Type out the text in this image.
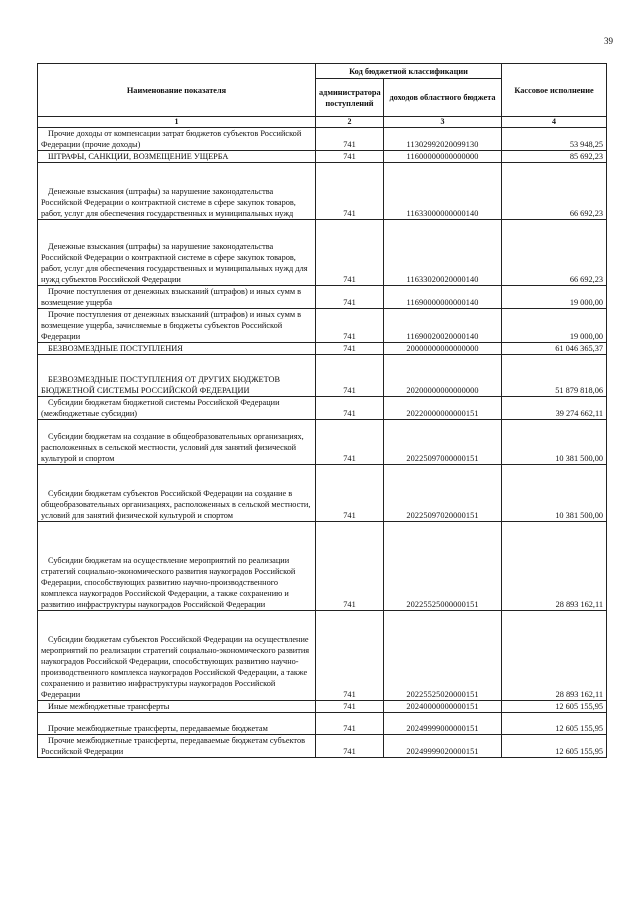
39
Наименование показателя	Код бюджетной классификации		Кассовое исполнение
	администратора поступлений	доходов областного бюджета	
1	2	3	4
Прочие доходы от компенсации затрат бюджетов субъектов Российской Федерации (прочие доходы)	741	11302992020099130	53 948,25
ШТРАФЫ, САНКЦИИ, ВОЗМЕЩЕНИЕ УЩЕРБА	741	11600000000000000	85 692,23
Денежные взыскания (штрафы) за нарушение законодательства Российской Федерации о контрактной системе в сфере закупок товаров, работ, услуг для обеспечения государственных и муниципальных нужд	741	11633000000000140	66 692,23
Денежные взыскания (штрафы) за нарушение законодательства Российской Федерации о контрактной системе в сфере закупок товаров, работ, услуг для обеспечения государственных и муниципальных нужд для нужд субъектов Российской Федерации	741	11633020020000140	66 692,23
Прочие поступления от денежных взысканий (штрафов) и иных сумм в возмещение ущерба	741	11690000000000140	19 000,00
Прочие поступления от денежных взысканий (штрафов) и иных сумм в возмещение ущерба, зачисляемые в бюджеты субъектов Российской Федерации	741	11690020020000140	19 000,00
БЕЗВОЗМЕЗДНЫЕ ПОСТУПЛЕНИЯ	741	20000000000000000	61 046 365,37
БЕЗВОЗМЕЗДНЫЕ ПОСТУПЛЕНИЯ ОТ ДРУГИХ БЮДЖЕТОВ БЮДЖЕТНОЙ СИСТЕМЫ РОССИЙСКОЙ ФЕДЕРАЦИИ	741	20200000000000000	51 879 818,06
Субсидии бюджетам бюджетной системы Российской Федерации (межбюджетные субсидии)	741	20220000000000151	39 274 662,11
Субсидии бюджетам на создание в общеобразовательных организациях, расположенных в сельской местности, условий для занятий физической культурой и спортом	741	20225097000000151	10 381 500,00
Субсидии бюджетам субъектов Российской Федерации на создание в общеобразовательных организациях, расположенных в сельской местности, условий для занятий физической культурой и спортом	741	20225097020000151	10 381 500,00
Субсидии бюджетам на осуществление мероприятий по реализации стратегий социально-экономического развития наукоградов Российской Федерации, способствующих развитию научно-производственного комплекса наукоградов Российской Федерации, а также сохранению и развитию инфраструктуры наукоградов Российской Федерации	741	20225525000000151	28 893 162,11
Субсидии бюджетам субъектов Российской Федерации на осуществление мероприятий по реализации стратегий социально-экономического развития наукоградов Российской Федерации, способствующих развитию научно-производственного комплекса наукоградов Российской Федерации, а также сохранению и развитию инфраструктуры наукоградов Российской Федерации	741	20225525020000151	28 893 162,11
Иные межбюджетные трансферты	741	20240000000000151	12 605 155,95
Прочие межбюджетные трансферты, передаваемые бюджетам	741	20249999000000151	12 605 155,95
Прочие межбюджетные трансферты, передаваемые бюджетам субъектов Российской Федерации	741	20249999020000151	12 605 155,95
